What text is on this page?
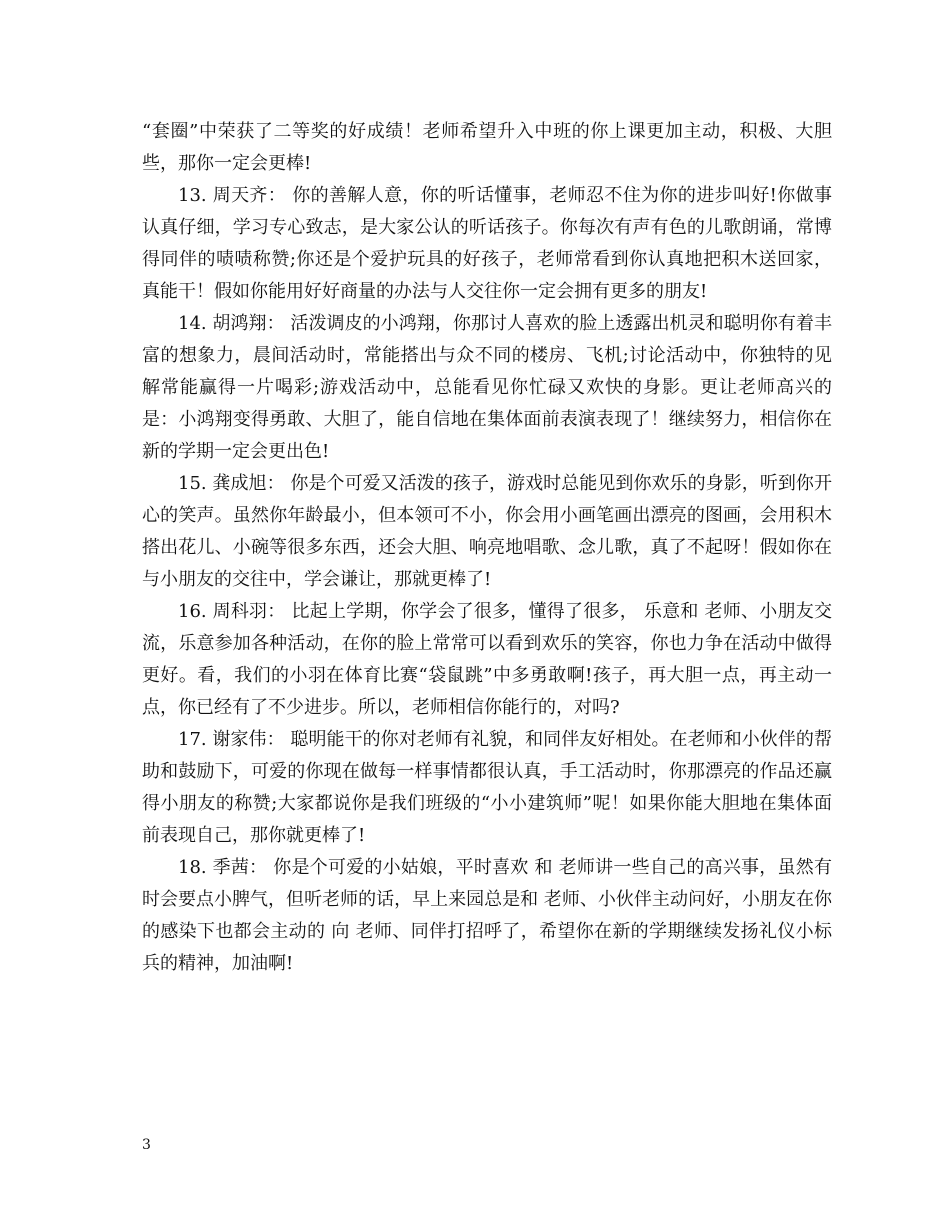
“套圈”中荣获了二等奖的好成绩！老师希望升入中班的你上课更加主动，积极、大胆些，那你一定会更棒!

13. 周天齐： 你的善解人意，你的听话懂事，老师忍不住为你的进步叫好!你做事认真仔细，学习专心致志，是大家公认的听话孩子。你每次有声有色的儿歌朗诵，常博得同伴的啧啧称赞;你还是个爱护玩具的好孩子，老师常看到你认真地把积木送回家，真能干！假如你能用好好商量的办法与人交往你一定会拥有更多的朋友!

14. 胡鸿翔： 活泼调皮的小鸿翔，你那讨人喜欢的脸上透露出机灵和聪明你有着丰富的想象力，晨间活动时，常能搭出与众不同的楼房、飞机;讨论活动中，你独特的见解常能赢得一片喝彩;游戏活动中，总能看见你忙碌又欢快的身影。更让老师高兴的是：小鸿翔变得勇敢、大胆了，能自信地在集体面前表演表现了！继续努力，相信你在新的学期一定会更出色!

15. 龚成旭： 你是个可爱又活泼的孩子，游戏时总能见到你欢乐的身影，听到你开心的笑声。虽然你年龄最小，但本领可不小，你会用小画笔画出漂亮的图画，会用积木搭出花儿、小碗等很多东西，还会大胆、响亮地唱歌、念儿歌，真了不起呀！假如你在与小朋友的交往中，学会谦让，那就更棒了!

16. 周科羽： 比起上学期，你学会了很多，懂得了很多， 乐意和 老师、小朋友交流，乐意参加各种活动，在你的脸上常常可以看到欢乐的笑容，你也力争在活动中做得更好。看，我们的小羽在体育比赛“袋鼠跳”中多勇敢啊!孩子，再大胆一点，再主动一点，你已经有了不少进步。所以，老师相信你能行的，对吗?

17. 谢家伟： 聪明能干的你对老师有礼貌，和同伴友好相处。在老师和小伙伴的帮助和鼓励下，可爱的你现在做每一样事情都很认真，手工活动时，你那漂亮的作品还赢得小朋友的称赞;大家都说你是我们班级的“小小建筑师”呢！如果你能大胆地在集体面前表现自己，那你就更棒了!

18. 季茜： 你是个可爱的小姑娘，平时喜欢 和 老师讲一些自己的高兴事，虽然有时会要点小脾气，但听老师的话，早上来园总是和 老师、小伙伴主动问好，小朋友在你的感染下也都会主动的 向 老师、同伴打招呼了，希望你在新的学期继续发扬礼仪小标兵的精神，加油啊!

3
